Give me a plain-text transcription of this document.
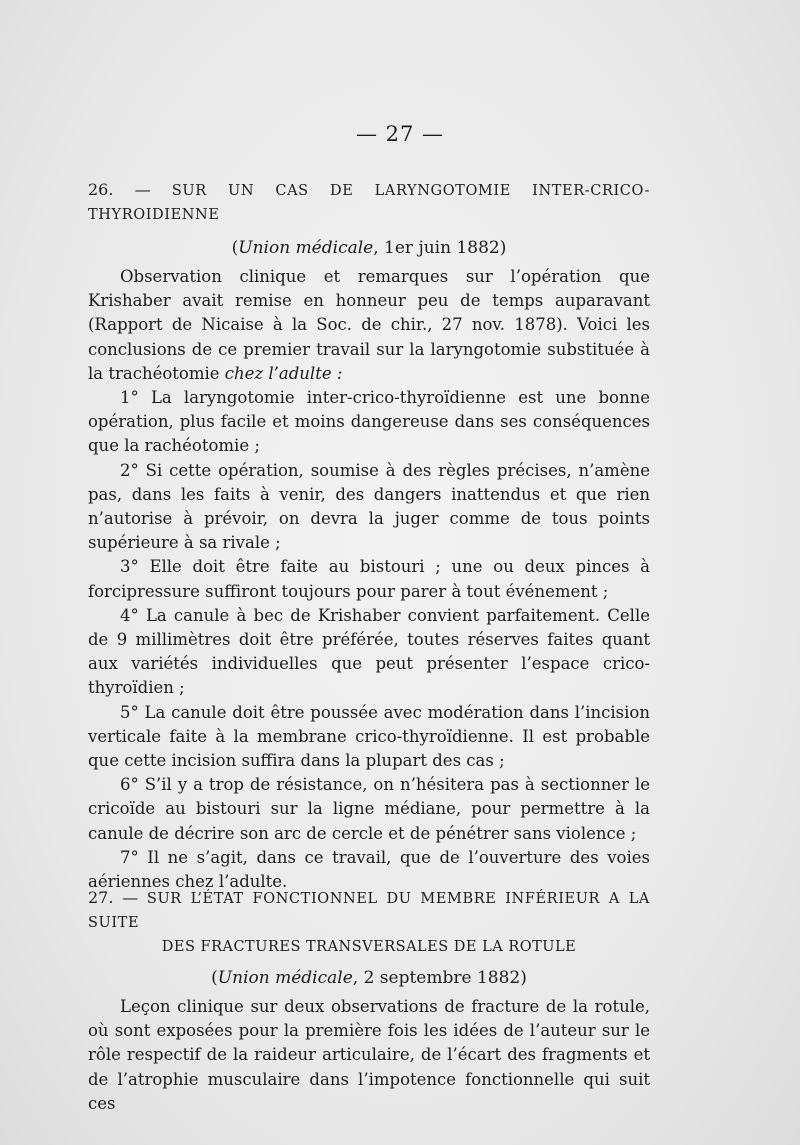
— 27 —
26. — SUR UN CAS DE LARYNGOTOMIE INTER-CRICO-THYROIDIENNE
(Union médicale, 1er juin 1882)

Observation clinique et remarques sur l’opération que Krishaber avait remise en honneur peu de temps auparavant (Rapport de Nicaise à la Soc. de chir., 27 nov. 1878). Voici les conclusions de ce premier travail sur la laryngotomie substituée à la trachéotomie chez l’adulte :

1° La laryngotomie inter-crico-thyroïdienne est une bonne opération, plus facile et moins dangereuse dans ses conséquences que la rachéotomie ;

2° Si cette opération, soumise à des règles précises, n’amène pas, dans les faits à venir, des dangers inattendus et que rien n’autorise à prévoir, on devra la juger comme de tous points supérieure à sa rivale ;

3° Elle doit être faite au bistouri ; une ou deux pinces à forcipressure suffiront toujours pour parer à tout événement ;

4° La canule à bec de Krishaber convient parfaitement. Celle de 9 millimètres doit être préférée, toutes réserves faites quant aux variétés individuelles que peut présenter l’espace crico-thyroïdien ;

5° La canule doit être poussée avec modération dans l’incision verticale faite à la membrane crico-thyroïdienne. Il est probable que cette incision suffira dans la plupart des cas ;

6° S’il y a trop de résistance, on n’hésitera pas à sectionner le cricoïde au bistouri sur la ligne médiane, pour permettre à la canule de décrire son arc de cercle et de pénétrer sans violence ;

7° Il ne s’agit, dans ce travail, que de l’ouverture des voies aériennes chez l’adulte.

27. — SUR L’ÉTAT FONCTIONNEL DU MEMBRE INFÉRIEUR A LA SUITE
DES FRACTURES TRANSVERSALES DE LA ROTULE
(Union médicale, 2 septembre 1882)

Leçon clinique sur deux observations de fracture de la rotule, où sont exposées pour la première fois les idées de l’auteur sur le rôle respectif de la raideur articulaire, de l’écart des fragments et de l’atrophie musculaire dans l’impotence fonctionnelle qui suit ces
